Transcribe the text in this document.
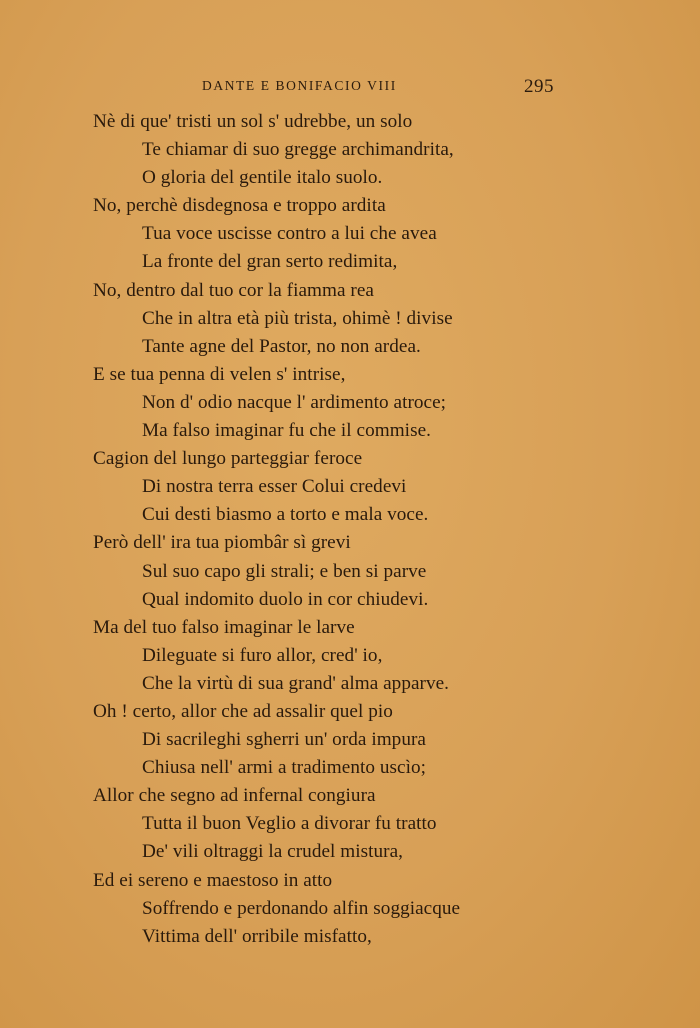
DANTE E BONIFACIO VIII	295
Nè di que' tristi un sol s' udrebbe, un solo
Te chiamar di suo gregge archimandrita,
O gloria del gentile italo suolo.
No, perchè disdegnosa e troppo ardita
Tua voce uscisse contro a lui che avea
La fronte del gran serto redimita,
No, dentro dal tuo cor la fiamma rea
Che in altra età più trista, ohimè ! divise
Tante agne del Pastor, no non ardea.
E se tua penna di velen s' intrise,
Non d' odio nacque l' ardimento atroce;
Ma falso imaginar fu che il commise.
Cagion del lungo parteggiar feroce
Di nostra terra esser Colui credevi
Cui desti biasmo a torto e mala voce.
Però dell' ira tua piombâr sì grevi
Sul suo capo gli strali; e ben si parve
Qual indomito duolo in cor chiudevi.
Ma del tuo falso imaginar le larve
Dileguate si furo allor, cred' io,
Che la virtù di sua grand' alma apparve.
Oh ! certo, allor che ad assalir quel pio
Di sacrileghi sgherri un' orda impura
Chiusa nell' armi a tradimento uscìo;
Allor che segno ad infernal congiura
Tutta il buon Veglio a divorar fu tratto
De' vili oltraggi la crudel mistura,
Ed ei sereno e maestoso in atto
Soffrendo e perdonando alfin soggiacque
Vittima dell' orribile misfatto,
